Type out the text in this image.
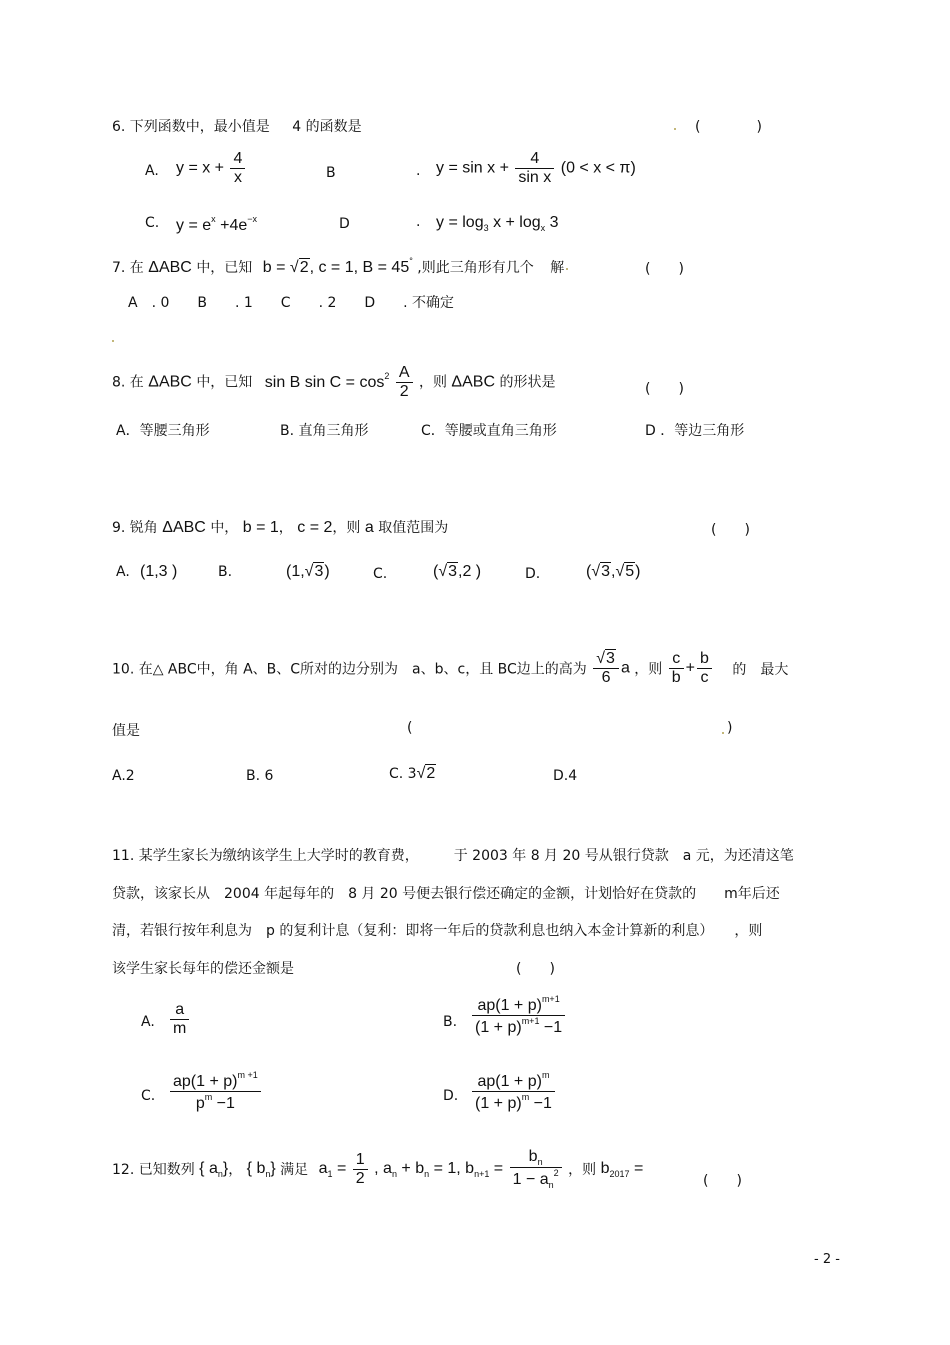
6. 下列函数中，最小值是 4 的函数是	(　　　　)
A. $y = x + \frac{4}{x}$	B	. $y = \sin x + \frac{4}{\text{sin x}} (0 < x < \pi)$
C. $y = e^x +4e^{-x}$	D	. $y = \log_3 x + \log_x 3$
7. 在 ΔABC 中，已知 b = √2, c = 1, B = 45° ,则此三角形有几个 解	(　　)
A　. 0　　B　　. 1　　C　　. 2　　D　　. 不确定
8. 在 ΔABC 中，已知 sin B $\sin C = \cos^2 \frac{A}{2}$ ，则 ΔABC 的形状是	(　　)
A．等腰三角形	B. 直角三角形	C．等腰或直角三角形	D ．等边三角形
9. 锐角 ΔABC 中， b = 1， c = 2，则 a 取值范围为	(　　)
A. (1,3 )	B.	(1,√3)	C.	(√3,2 )	D.	(√3,√5)
10. 在△ ABC中，角 A、B、C所对的边分别为　a、b、c，且 BC边上的高为 $\frac{√3}{6}$ a ，则 $\frac{c}{b} + \frac{b}{c}$ 的　最大
值是	(	)
A.2	B. 6	C. 3√2	D.4
11. 某学生家长为缴纳该学生上大学时的教育费，　　　于 2003 年 8 月 20 号从银行贷款　a 元，为还清这笔
贷款，该家长从　2004 年起每年的　8 月 20 号便去银行偿还确定的金额，计划恰好在贷款的　　m年后还
清，若银行按年利息为　p 的复利计息（复利：即将一年后的贷款利息也纳入本金计算新的利息）　　，则
该学生家长每年的偿还金额是	(　　)
A. $\frac{a}{m}$	B. $\frac{ap(1 + p)^{m+1}}{(1 + p)^{m+1} -1}$
C. $\frac{ap(1 + p)^{m +1}}{p^m -1}$	D. $\frac{ap(1 + p)^m}{(1 + p)^m -1}$
12. 已知数列 { $a_n$}， { $b_n$} 满足 $a_1 = \frac{1}{2}$ , $a_n + b_n = 1$, $b_{n+1} = \frac{b_n}{1 - a_n^2}$ ，则 $b_{2017}$ =
(　　)
- 2 -
